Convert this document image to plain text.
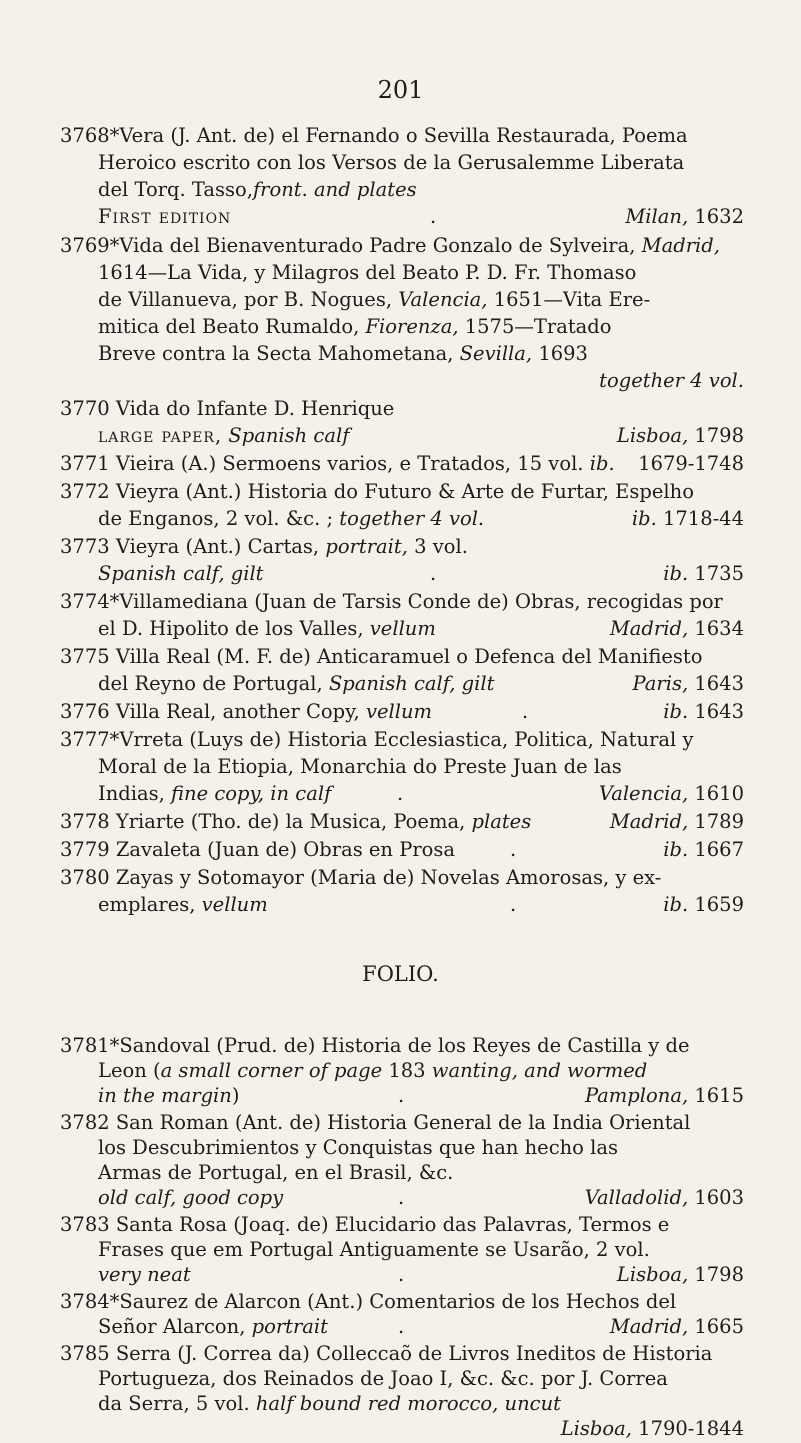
201
3768*Vera (J. Ant. de) el Fernando o Sevilla Restaurada, Poema
Heroico escrito con los Versos de la Gerusalemme Liberata
del Torq. Tasso,front. and plates
First edition	.	Milan, 1632
3769*Vida del Bienaventurado Padre Gonzalo de Sylveira, Madrid,
1614—La Vida, y Milagros del Beato P. D. Fr. Thomaso
de Villanueva, por B. Nogues, Valencia, 1651—Vita Ere-
mitica del Beato Rumaldo, Fiorenza, 1575—Tratado
Breve contra la Secta Mahometana, Sevilla, 1693
together 4 vol.
3770 Vida do Infante D. Henrique
large paper, Spanish calf	Lisboa, 1798
3771 Vieira (A.) Sermoens varios, e Tratados, 15 vol. ib. 1679-1748
3772 Vieyra (Ant.) Historia do Futuro & Arte de Furtar, Espelho
de Enganos, 2 vol. &c. ; together 4 vol.	ib. 1718-44
3773 Vieyra (Ant.) Cartas, portrait, 3 vol.
Spanish calf, gilt	.	ib. 1735
3774*Villamediana (Juan de Tarsis Conde de) Obras, recogidas por
el D. Hipolito de los Valles, vellum	Madrid, 1634
3775 Villa Real (M. F. de) Anticaramuel o Defenca del Manifiesto
del Reyno de Portugal, Spanish calf, gilt	Paris, 1643
3776 Villa Real, another Copy, vellum	.	ib. 1643
3777*Vrreta (Luys de) Historia Ecclesiastica, Politica, Natural y
Moral de la Etiopia, Monarchia do Preste Juan de las
Indias, fine copy, in calf	.	Valencia, 1610
3778 Yriarte (Tho. de) la Musica, Poema, plates	Madrid, 1789
3779 Zavaleta (Juan de) Obras en Prosa	.	ib. 1667
3780 Zayas y Sotomayor (Maria de) Novelas Amorosas, y ex-
emplares, vellum	.	ib. 1659
FOLIO.
3781*Sandoval (Prud. de) Historia de los Reyes de Castilla y de
Leon (a small corner of page 183 wanting, and wormed
in the margin)	.	Pamplona, 1615
3782 San Roman (Ant. de) Historia General de la India Oriental
los Descubrimientos y Conquistas que han hecho las
Armas de Portugal, en el Brasil, &c.
old calf, good copy	.	Valladolid, 1603
3783 Santa Rosa (Joaq. de) Elucidario das Palavras, Termos e
Frases que em Portugal Antiguamente se Usarão, 2 vol.
very neat	.	Lisboa, 1798
3784*Saurez de Alarcon (Ant.) Comentarios de los Hechos del
Señor Alarcon, portrait	.	Madrid, 1665
3785 Serra (J. Correa da) Colleccaõ de Livros Ineditos de Historia
Portugueza, dos Reinados de Joao I, &c. &c. por J. Correa
da Serra, 5 vol. half bound red morocco, uncut
Lisboa, 1790-1844
